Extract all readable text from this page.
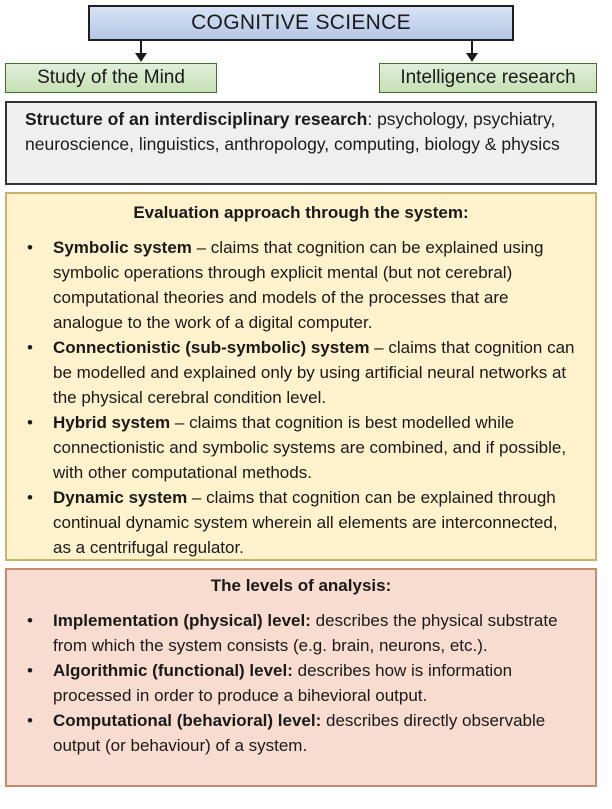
COGNITIVE SCIENCE
Study of the Mind	Intelligence research
Structure of an interdisciplinary research: psychology, psychiatry, neuroscience, linguistics, anthropology, computing, biology & physics
Evaluation approach through the system:
• Symbolic system – claims that cognition can be explained using symbolic operations through explicit mental (but not cerebral) computational theories and models of the processes that are analogue to the work of a digital computer.
• Connectionistic (sub-symbolic) system – claims that cognition can be modelled and explained only by using artificial neural networks at the physical cerebral condition level.
• Hybrid system – claims that cognition is best modelled while connectionistic and symbolic systems are combined, and if possible, with other computational methods.
• Dynamic system – claims that cognition can be explained through continual dynamic system wherein all elements are interconnected, as a centrifugal regulator.
The levels of analysis:
• Implementation (physical) level: describes the physical substrate from which the system consists (e.g. brain, neurons, etc.).
• Algorithmic (functional) level: describes how is information processed in order to produce a bihevioral output.
• Computational (behavioral) level: describes directly observable output (or behaviour) of a system.
